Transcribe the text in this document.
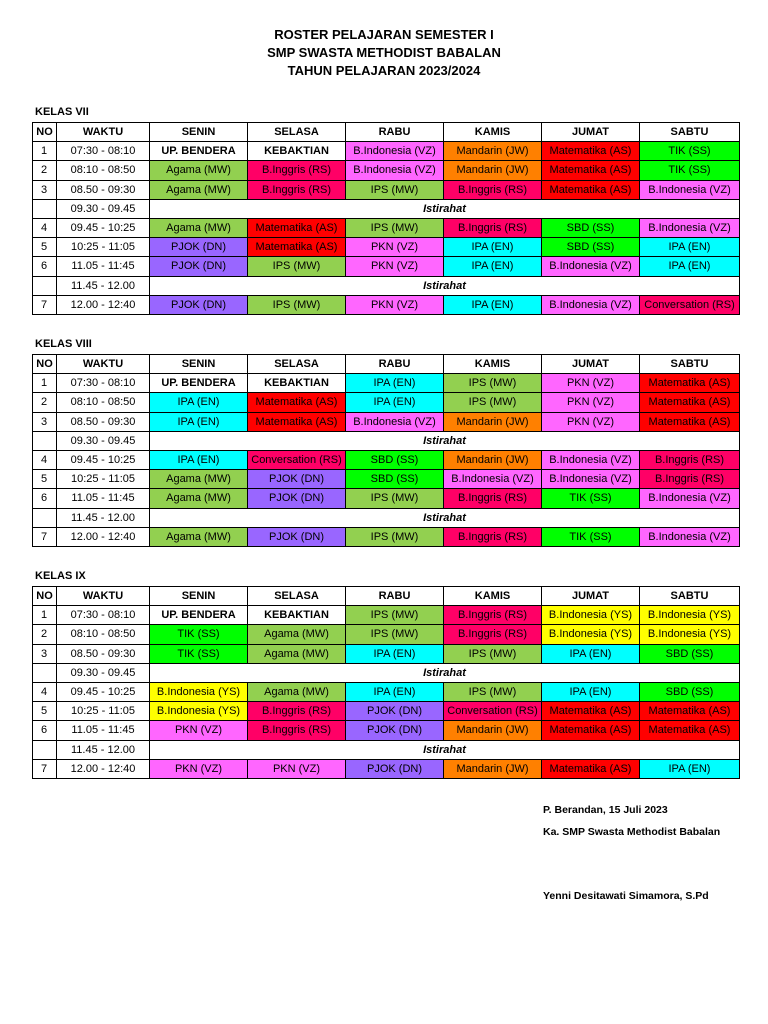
ROSTER PELAJARAN SEMESTER I
SMP SWASTA METHODIST BABALAN
TAHUN PELAJARAN 2023/2024
KELAS VII
NO	WAKTU	SENIN	SELASA	RABU	KAMIS	JUMAT	SABTU
1	07:30 - 08:10	UP. BENDERA	KEBAKTIAN	B.Indonesia (VZ)	Mandarin (JW)	Matematika (AS)	TIK (SS)
2	08:10 - 08:50	Agama (MW)	B.Inggris (RS)	B.Indonesia (VZ)	Mandarin (JW)	Matematika (AS)	TIK (SS)
3	08.50 - 09:30	Agama (MW)	B.Inggris (RS)	IPS (MW)	B.Inggris (RS)	Matematika (AS)	B.Indonesia (VZ)
	09.30 - 09.45	Istirahat					
4	09.45 - 10:25	Agama (MW)	Matematika (AS)	IPS (MW)	B.Inggris (RS)	SBD (SS)	B.Indonesia (VZ)
5	10:25 - 11:05	PJOK (DN)	Matematika (AS)	PKN (VZ)	IPA (EN)	SBD (SS)	IPA (EN)
6	11.05 - 11:45	PJOK (DN)	IPS (MW)	PKN (VZ)	IPA (EN)	B.Indonesia (VZ)	IPA (EN)
	11.45 - 12.00	Istirahat					
7	12.00 - 12:40	PJOK (DN)	IPS (MW)	PKN (VZ)	IPA (EN)	B.Indonesia (VZ)	Conversation (RS)
KELAS VIII
NO	WAKTU	SENIN	SELASA	RABU	KAMIS	JUMAT	SABTU
1	07:30 - 08:10	UP. BENDERA	KEBAKTIAN	IPA (EN)	IPS (MW)	PKN (VZ)	Matematika (AS)
2	08:10 - 08:50	IPA (EN)	Matematika (AS)	IPA (EN)	IPS (MW)	PKN (VZ)	Matematika (AS)
3	08.50 - 09:30	IPA (EN)	Matematika (AS)	B.Indonesia (VZ)	Mandarin (JW)	PKN (VZ)	Matematika (AS)
	09.30 - 09.45	Istirahat					
4	09.45 - 10:25	IPA (EN)	Conversation (RS)	SBD (SS)	Mandarin (JW)	B.Indonesia (VZ)	B.Inggris (RS)
5	10:25 - 11:05	Agama (MW)	PJOK (DN)	SBD (SS)	B.Indonesia (VZ)	B.Indonesia (VZ)	B.Inggris (RS)
6	11.05 - 11:45	Agama (MW)	PJOK (DN)	IPS (MW)	B.Inggris (RS)	TIK (SS)	B.Indonesia (VZ)
	11.45 - 12.00	Istirahat					
7	12.00 - 12:40	Agama (MW)	PJOK (DN)	IPS (MW)	B.Inggris (RS)	TIK (SS)	B.Indonesia (VZ)
KELAS IX
NO	WAKTU	SENIN	SELASA	RABU	KAMIS	JUMAT	SABTU
1	07:30 - 08:10	UP. BENDERA	KEBAKTIAN	IPS (MW)	B.Inggris (RS)	B.Indonesia (YS)	B.Indonesia (YS)
2	08:10 - 08:50	TIK (SS)	Agama (MW)	IPS (MW)	B.Inggris (RS)	B.Indonesia (YS)	B.Indonesia (YS)
3	08.50 - 09:30	TIK (SS)	Agama (MW)	IPA (EN)	IPS (MW)	IPA (EN)	SBD (SS)
	09.30 - 09.45	Istirahat					
4	09.45 - 10:25	B.Indonesia (YS)	Agama (MW)	IPA (EN)	IPS (MW)	IPA (EN)	SBD (SS)
5	10:25 - 11:05	B.Indonesia (YS)	B.Inggris (RS)	PJOK (DN)	Conversation (RS)	Matematika (AS)	Matematika (AS)
6	11.05 - 11:45	PKN (VZ)	B.Inggris (RS)	PJOK (DN)	Mandarin (JW)	Matematika (AS)	Matematika (AS)
	11.45 - 12.00	Istirahat					
7	12.00 - 12:40	PKN (VZ)	PKN (VZ)	PJOK (DN)	Mandarin (JW)	Matematika (AS)	IPA (EN)
P. Berandan, 15 Juli 2023
Ka. SMP Swasta Methodist Babalan
Yenni Desitawati Simamora, S.Pd
